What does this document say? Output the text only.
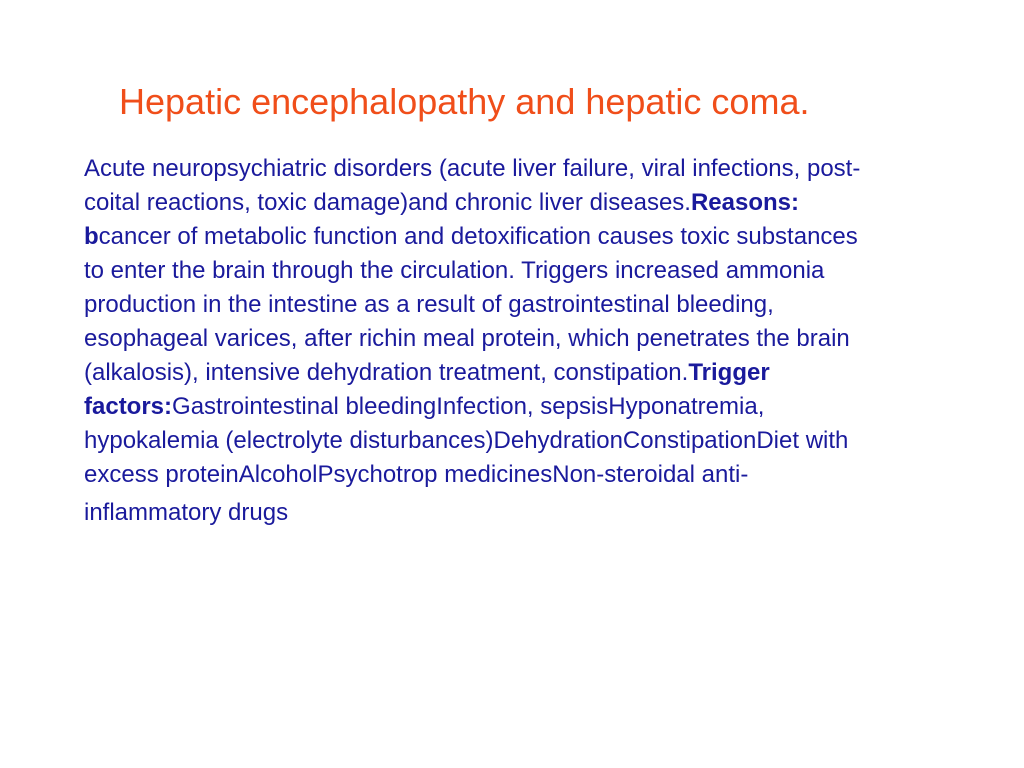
Hepatic encephalopathy and hepatic coma.
Acute neuropsychiatric disorders (acute liver failure, viral infections, post-
coital reactions, toxic damage)and chronic liver diseases.Reasons:
bcancer of metabolic function and detoxification causes toxic substances
to enter the brain through the circulation. Triggers increased ammonia
production in the intestine as a result of gastrointestinal bleeding,
esophageal varices, after richin meal protein, which penetrates the brain
(alkalosis), intensive dehydration treatment, constipation.Trigger
factors:Gastrointestinal bleedingInfection, sepsisHyponatremia,
hypokalemia (electrolyte disturbances)DehydrationConstipationDiet with
excess proteinAlcoholPsychotrop medicinesNon-steroidal anti-
inflammatory drugs
